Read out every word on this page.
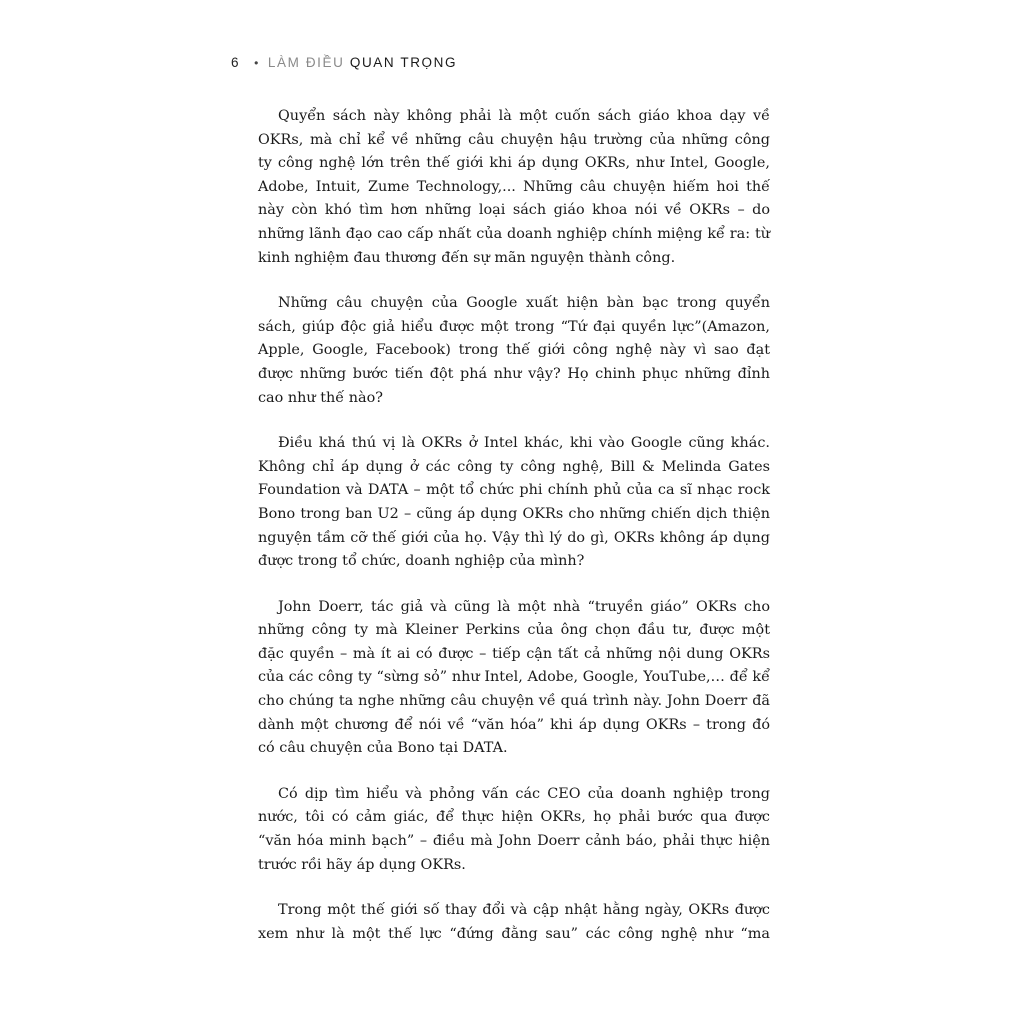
6 • LÀM ĐIỀU QUAN TRỌNG
Quyển sách này không phải là một cuốn sách giáo khoa dạy về
OKRs, mà chỉ kể về những câu chuyện hậu trường của những công
ty công nghệ lớn trên thế giới khi áp dụng OKRs, như Intel, Google,
Adobe, Intuit, Zume Technology,... Những câu chuyện hiếm hoi thế
này còn khó tìm hơn những loại sách giáo khoa nói về OKRs – do
những lãnh đạo cao cấp nhất của doanh nghiệp chính miệng kể ra: từ
kinh nghiệm đau thương đến sự mãn nguyện thành công.
Những câu chuyện của Google xuất hiện bàn bạc trong quyển
sách, giúp độc giả hiểu được một trong “Tứ đại quyền lực”(Amazon,
Apple, Google, Facebook) trong thế giới công nghệ này vì sao đạt
được những bước tiến đột phá như vậy? Họ chinh phục những đỉnh
cao như thế nào?
Điều khá thú vị là OKRs ở Intel khác, khi vào Google cũng khác.
Không chỉ áp dụng ở các công ty công nghệ, Bill & Melinda Gates
Foundation và DATA – một tổ chức phi chính phủ của ca sĩ nhạc rock
Bono trong ban U2 – cũng áp dụng OKRs cho những chiến dịch thiện
nguyện tầm cỡ thế giới của họ. Vậy thì lý do gì, OKRs không áp dụng
được trong tổ chức, doanh nghiệp của mình?
John Doerr, tác giả và cũng là một nhà “truyền giáo” OKRs cho
những công ty mà Kleiner Perkins của ông chọn đầu tư, được một
đặc quyền – mà ít ai có được – tiếp cận tất cả những nội dung OKRs
của các công ty “sừng sỏ” như Intel, Adobe, Google, YouTube,… để kể
cho chúng ta nghe những câu chuyện về quá trình này. John Doerr đã
dành một chương để nói về “văn hóa” khi áp dụng OKRs – trong đó
có câu chuyện của Bono tại DATA.
Có dịp tìm hiểu và phỏng vấn các CEO của doanh nghiệp trong
nước, tôi có cảm giác, để thực hiện OKRs, họ phải bước qua được
“văn hóa minh bạch” – điều mà John Doerr cảnh báo, phải thực hiện
trước rồi hãy áp dụng OKRs.
Trong một thế giới số thay đổi và cập nhật hằng ngày, OKRs được
xem như là một thế lực “đứng đằng sau” các công nghệ như “ma
